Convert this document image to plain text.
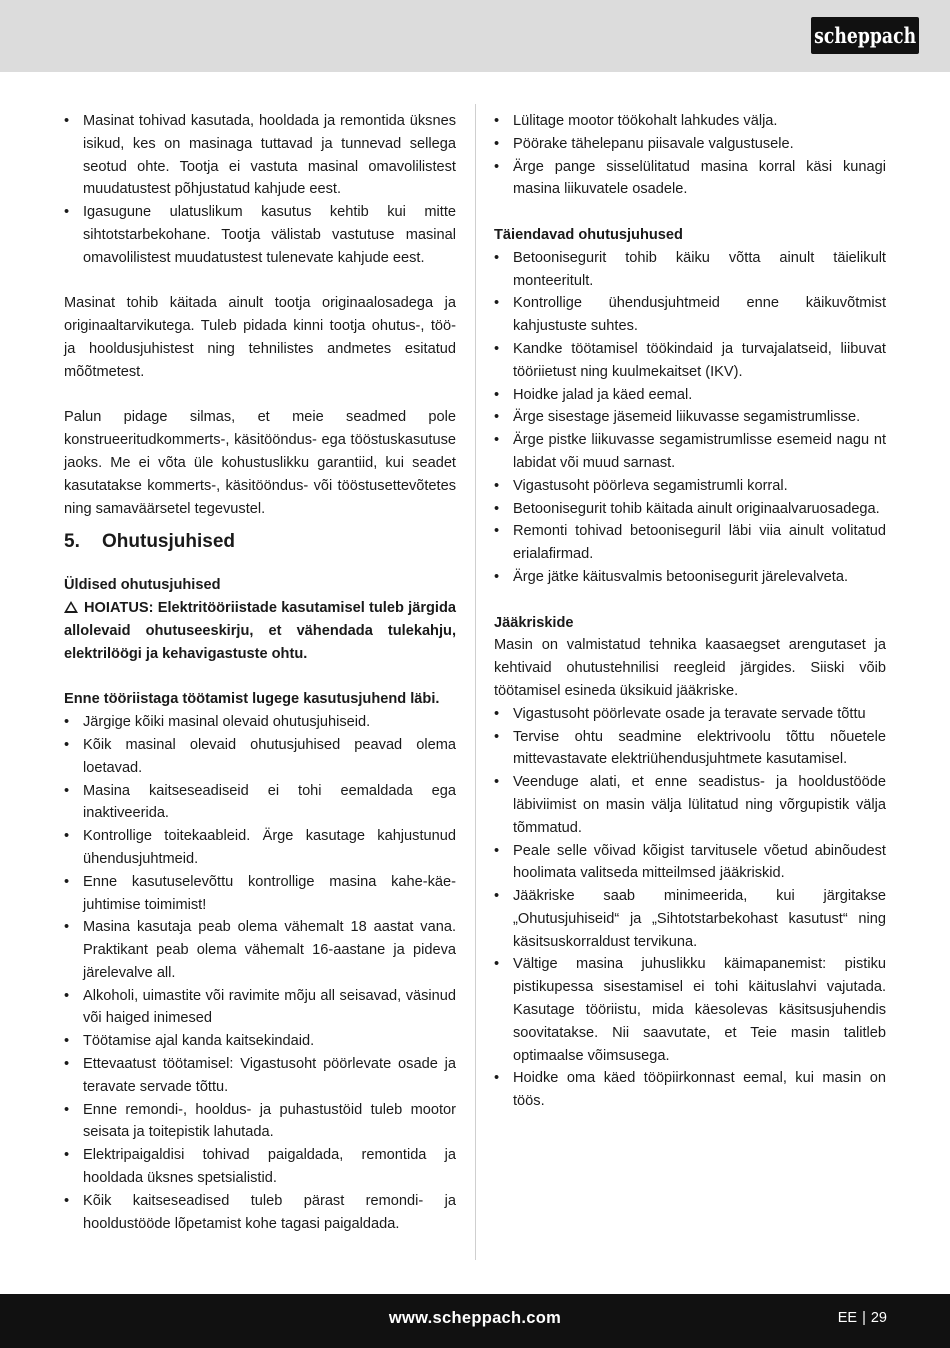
scheppach
• Masinat tohivad kasutada, hooldada ja remontida üksnes isikud, kes on masinaga tuttavad ja tunnevad sellega seotud ohte. Tootja ei vastuta masinal omavolilistest muudatustest põhjustatud kahjude eest.
• Igasugune ulatuslikum kasutus kehtib kui mitte sihtotstarbekohane. Tootja välistab vastutuse masinal omavolilistest muudatustest tulenevate kahjude eest.

Masinat tohib käitada ainult tootja originaalosadega ja originaaltarvikutega. Tuleb pidada kinni tootja ohutus-, töö- ja hooldusjuhistest ning tehnilistes andmetes esitatud mõõtmetest.

Palun pidage silmas, et meie seadmed pole konstrueeritudkommerts-, käsitööndus- ega tööstuskasutuse jaoks. Me ei võta üle kohustuslikku garantiid, kui seadet kasutatakse kommerts-, käsitööndus- või tööstusettevõtetes ning samaväärsetel tegevustel.

5.	Ohutusjuhised
Üldised ohutusjuhised

HOIATUS: Elektritööriistade kasutamisel tuleb järgida allolevaid ohutuseeskirju, et vähendada tulekahju, elektrilöögi ja kehavigastuste ohtu.

Enne tööriistaga töötamist lugege kasutusjuhend läbi.

• Järgige kõiki masinal olevaid ohutusjuhiseid.
• Kõik masinal olevaid ohutusjuhised peavad olema loetavad.
• Masina kaitseseadiseid ei tohi eemaldada ega inaktiveerida.
• Kontrollige toitekaableid. Ärge kasutage kahjustunud ühendusjuhtmeid.
• Enne kasutuselevõttu kontrollige masina kahe-käe-juhtimise toimimist!
• Masina kasutaja peab olema vähemalt 18 aastat vana. Praktikant peab olema vähemalt 16-aastane ja pideva järelevalve all.
• Alkoholi, uimastite või ravimite mõju all seisavad, väsinud või haiged inimesed
• Töötamise ajal kanda kaitsekindaid.
• Ettevaatust töötamisel: Vigastusoht pöörlevate osade ja teravate servade tõttu.
• Enne remondi-, hooldus- ja puhastustöid tuleb mootor seisata ja toitepistik lahutada.
• Elektripaigaldisi tohivad paigaldada, remontida ja hooldada üksnes spetsialistid.
• Kõik kaitseseadised tuleb pärast remondi- ja hooldustööde lõpetamist kohe tagasi paigaldada.
• Lülitage mootor töökohalt lahkudes välja.
• Pöörake tähelepanu piisavale valgustusele.
• Ärge pange sisselülitatud masina korral käsi kunagi masina liikuvatele osadele.
Täiendavad ohutusjuhused
• Betoonisegurit tohib käiku võtta ainult täielikult monteeritult.
• Kontrollige ühendusjuhtmeid enne käikuvõtmist kahjustuste suhtes.
• Kandke töötamisel töökindaid ja turvajalatseid, liibuvat tööriietust ning kuulmekaitset (IKV).
• Hoidke jalad ja käed eemal.
• Ärge sisestage jäsemeid liikuvasse segamistrumlisse.
• Ärge pistke liikuvasse segamistrumlisse esemeid nagu nt labidat või muud sarnast.
• Vigastusoht pöörleva segamistrumli korral.
• Betoonisegurit tohib käitada ainult originaalvaruosadega.
• Remonti tohivad betooniseguril läbi viia ainult volitatud erialafirmad.
• Ärge jätke käitusvalmis betoonisegurit järelevalveta.
Jääkriskide

Masin on valmistatud tehnika kaasaegset arengutaset ja kehtivaid ohutustehnilisi reegleid järgides. Siiski võib töötamisel esineda üksikuid jääkriske.

• Vigastusoht pöörlevate osade ja teravate servade tõttu
• Tervise ohtu seadmine elektrivoolu tõttu nõuetele mittevastavate elektriühendusjuhtmete kasutamisel.
• Veenduge alati, et enne seadistus- ja hooldustööde läbiviimist on masin välja lülitatud ning võrgupistik välja tõmmatud.
• Peale selle võivad kõigist tarvitusele võetud abinõudest hoolimata valitseda mitteilmsed jääkriskid.
• Jääkriske saab minimeerida, kui järgitakse „Ohutusjuhiseid“ ja „Sihtotstarbekohast kasutust“ ning käsitsuskorraldust tervikuna.
• Vältige masina juhuslikku käimapanemist: pistiku pistikupessa sisestamisel ei tohi käituslahvi vajutada. Kasutage tööriistu, mida käesolevas käsitsusjuhendis soovitatakse. Nii saavutate, et Teie masin talitleb optimaalse võimsusega.
• Hoidke oma käed tööpiirkonnast eemal, kui masin on töös.
www.scheppach.com	EE | 29
